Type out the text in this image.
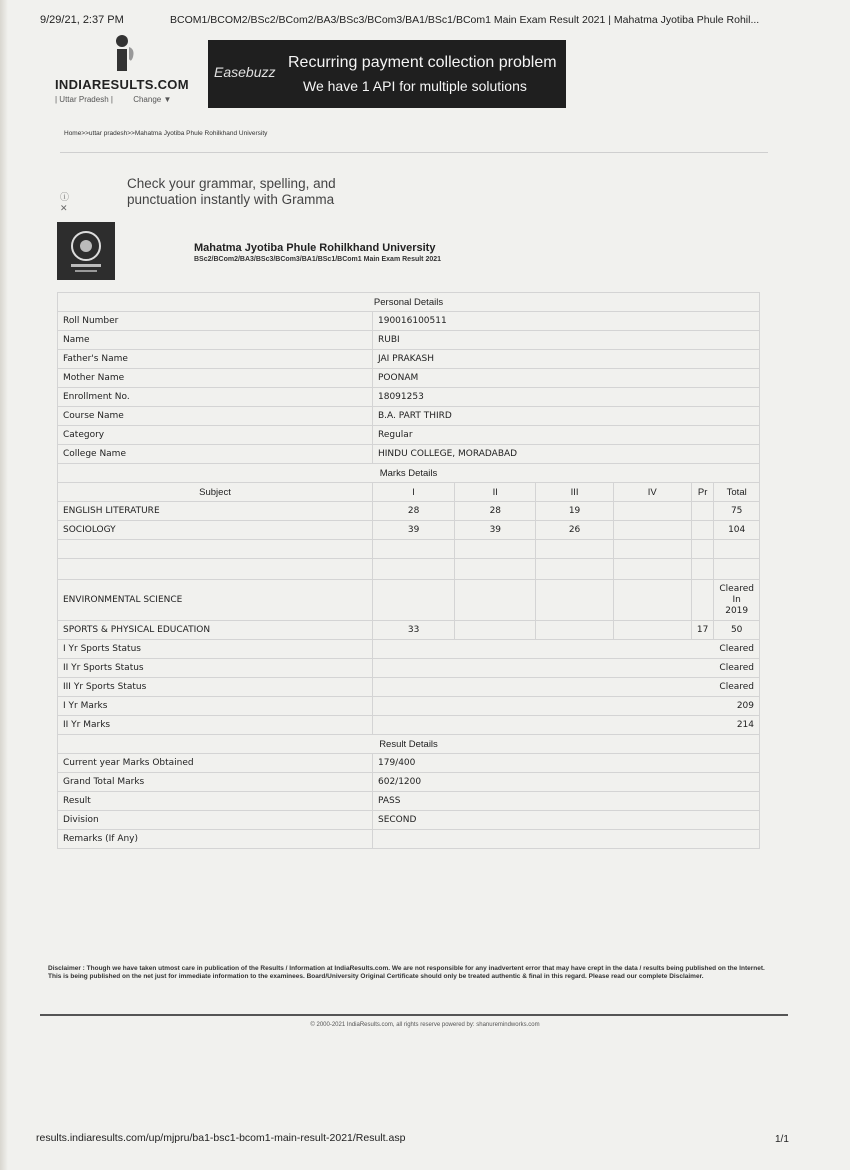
9/29/21, 2:37 PM	BCOM1/BCOM2/BSc2/BCom2/BA3/BSc3/BCom3/BA1/BSc1/BCom1 Main Exam Result 2021 | Mahatma Jyotiba Phule Rohil...
INDIARESULTS.COM
| Uttar Pradesh |	Change ▼
Easebuzz
Recurring payment collection problem
We have 1 API for multiple solutions
Home>>uttar pradesh>>Mahatma Jyotiba Phule Rohilkhand University
ⓘ
✕
Check your grammar, spelling, and punctuation instantly with Gramma
Mahatma Jyotiba Phule Rohilkhand University
BSc2/BCom2/BA3/BSc3/BCom3/BA1/BSc1/BCom1 Main Exam Result 2021
Personal Details						
Roll Number	190016100511					
Name	RUBI					
Father's Name	JAI PRAKASH					
Mother Name	POONAM					
Enrollment No.	18091253					
Course Name	B.A. PART THIRD					
Category	Regular					
College Name	HINDU COLLEGE, MORADABAD					
Marks Details						
Subject	I	II	III	IV	Pr	Total
ENGLISH LITERATURE	28	28	19			75
SOCIOLOGY	39	39	26			104

ENVIRONMENTAL SCIENCE						Cleared
In
2019

SPORTS & PHYSICAL EDUCATION	33				17	50
I Yr Sports Status	Cleared					
II Yr Sports Status	Cleared					
III Yr Sports Status	Cleared					
I Yr Marks	209					
II Yr Marks	214					
Result Details						
Current year Marks Obtained	179/400					
Grand Total Marks	602/1200					
Result	PASS					
Division	SECOND					
Remarks (If Any)						
Disclaimer : Though we have taken utmost care in publication of the Results / Information at IndiaResults.com. We are not responsible for any inadvertent error that may have crept in the data / results being published on the Internet. This is being published on the net just for immediate information to the examinees. Board/University Original Certificate should only be treated authentic & final in this regard. Please read our complete Disclaimer.
© 2000-2021 IndiaResults.com, all rights reserve powered by: shanuremindworks.com
results.indiaresults.com/up/mjpru/ba1-bsc1-bcom1-main-result-2021/Result.asp	1/1
